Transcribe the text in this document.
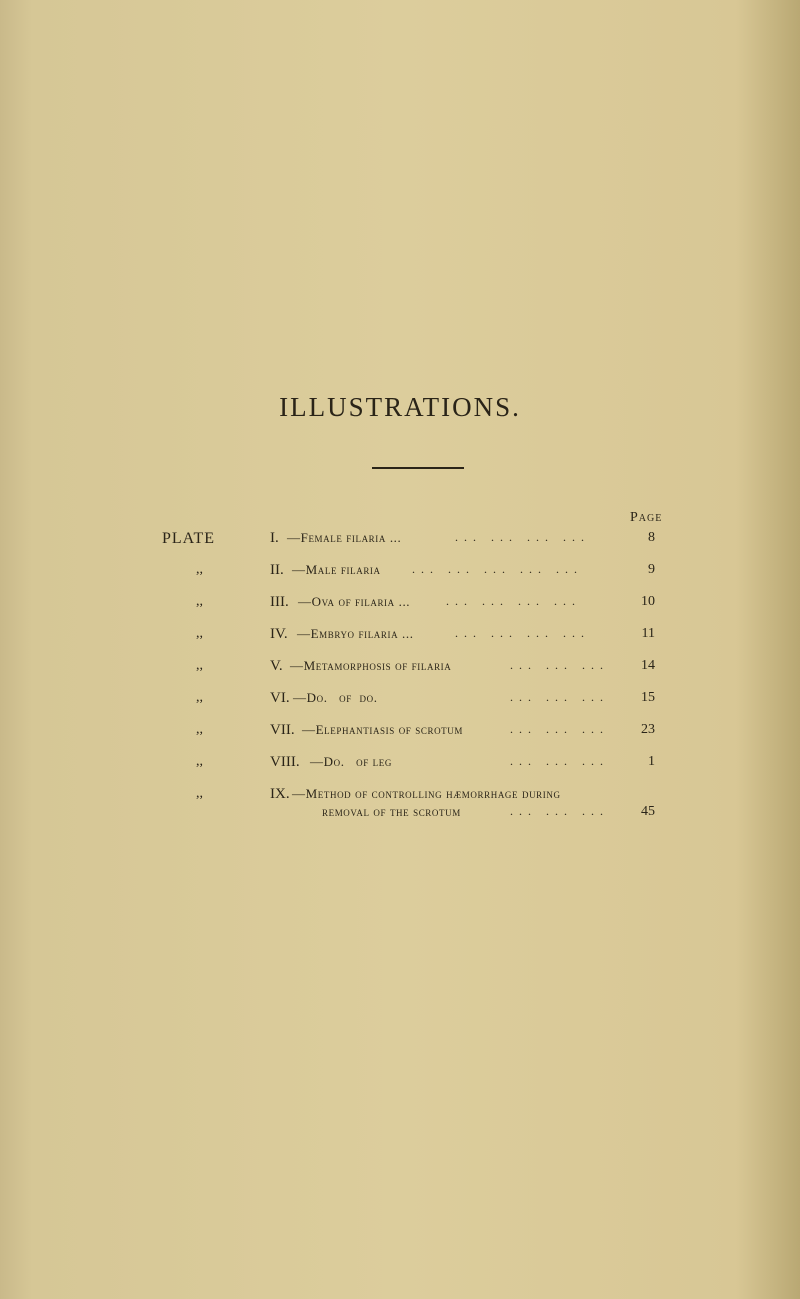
ILLUSTRATIONS.
Page
PLATE	I. —Female filaria ...	... ... ... ...	8
,,	II. —Male filaria	... ... ... ... ...	9
,,	III. —Ova of filaria ...	... ... ... ...	10
,,	IV. —Embryo filaria ...	... ... ... ...	11
,,	V. —Metamorphosis of filaria	... ... ... 14
,,	VI. —Do.   of  do.	... ... ... 15
,,	VII. —Elephantiasis of scrotum	... ... ... 23
,,	VIII. —Do.   of leg	... ... ...	1
,,	IX. —Method of controlling hæmorrhage during
removal of the scrotum	... ... ... 45
